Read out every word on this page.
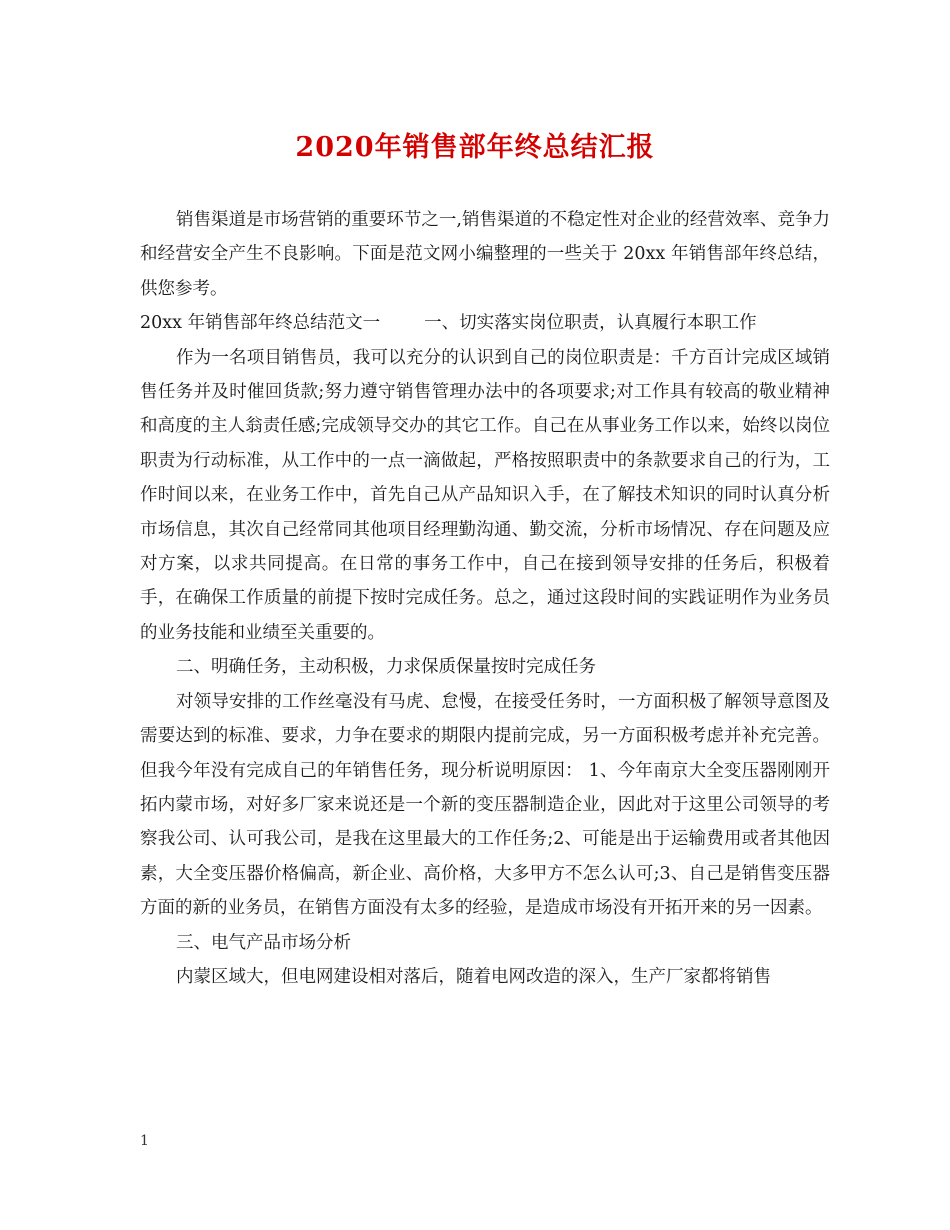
2020年销售部年终总结汇报

销售渠道是市场营销的重要环节之一,销售渠道的不稳定性对企业的经营效率、竞争力和经营安全产生不良影响。下面是范文网小编整理的一些关于 20xx 年销售部年终总结，供您参考。

20xx 年销售部年终总结范文一	一、切实落实岗位职责，认真履行本职工作

作为一名项目销售员，我可以充分的认识到自己的岗位职责是：千方百计完成区域销售任务并及时催回货款;努力遵守销售管理办法中的各项要求;对工作具有较高的敬业精神和高度的主人翁责任感;完成领导交办的其它工作。自己在从事业务工作以来，始终以岗位职责为行动标准，从工作中的一点一滴做起，严格按照职责中的条款要求自己的行为，工作时间以来，在业务工作中，首先自己从产品知识入手，在了解技术知识的同时认真分析市场信息，其次自己经常同其他项目经理勤沟通、勤交流，分析市场情况、存在问题及应对方案，以求共同提高。在日常的事务工作中，自己在接到领导安排的任务后，积极着手，在确保工作质量的前提下按时完成任务。总之，通过这段时间的实践证明作为业务员的业务技能和业绩至关重要的。

二、明确任务，主动积极，力求保质保量按时完成任务

对领导安排的工作丝毫没有马虎、怠慢，在接受任务时，一方面积极了解领导意图及需要达到的标准、要求，力争在要求的期限内提前完成，另一方面积极考虑并补充完善。但我今年没有完成自己的年销售任务，现分析说明原因： 1、今年南京大全变压器刚刚开拓内蒙市场，对好多厂家来说还是一个新的变压器制造企业，因此对于这里公司领导的考察我公司、认可我公司，是我在这里最大的工作任务;2、可能是出于运输费用或者其他因素，大全变压器价格偏高，新企业、高价格，大多甲方不怎么认可;3、自己是销售变压器方面的新的业务员，在销售方面没有太多的经验，是造成市场没有开拓开来的另一因素。

三、电气产品市场分析

内蒙区域大，但电网建设相对落后，随着电网改造的深入，生产厂家都将销售

1
